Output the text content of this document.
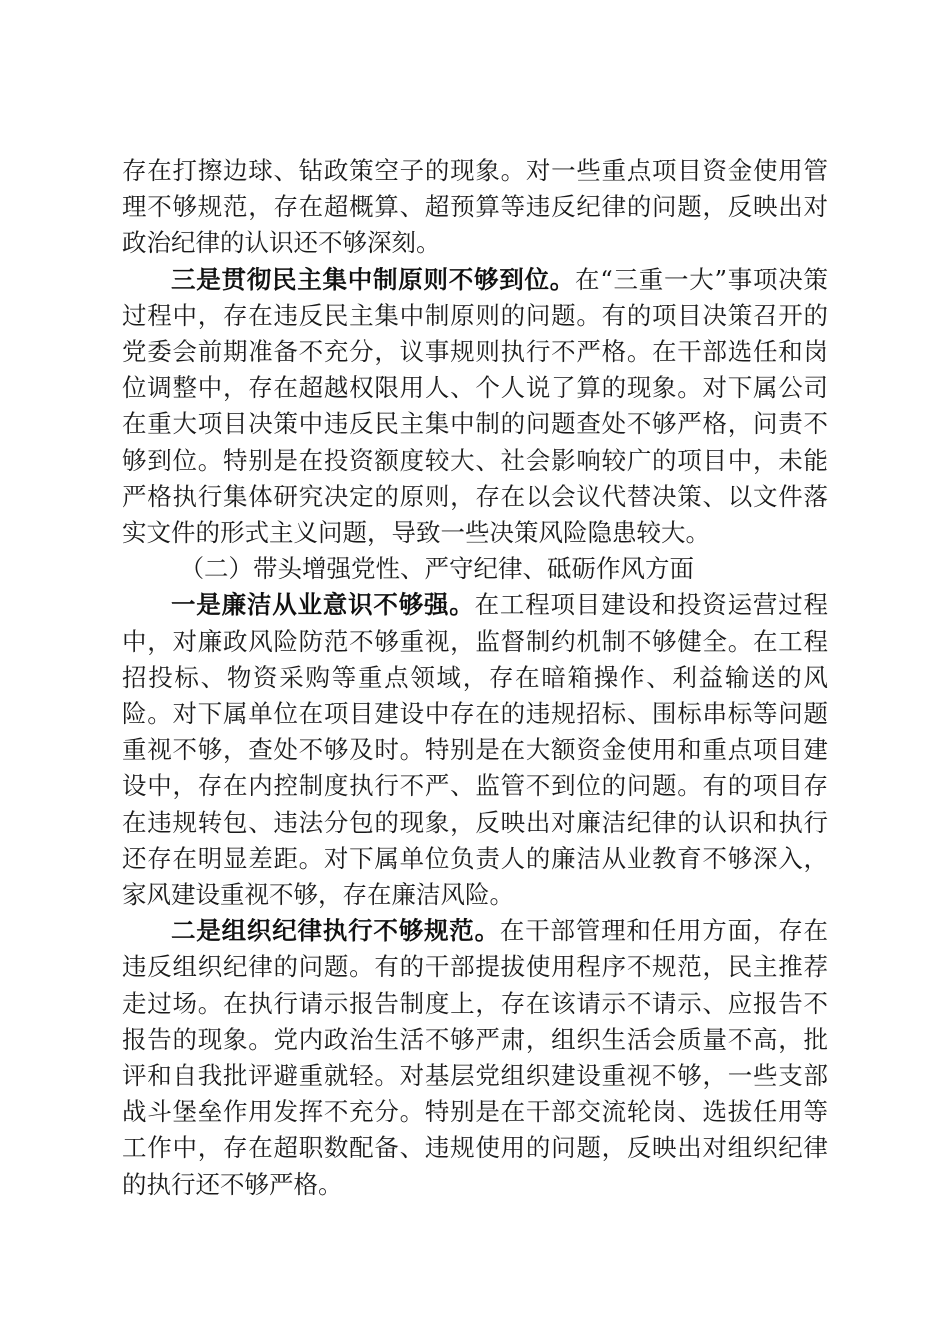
存在打擦边球、钻政策空子的现象。对一些重点项目资金使用管理不够规范，存在超概算、超预算等违反纪律的问题，反映出对政治纪律的认识还不够深刻。

三是贯彻民主集中制原则不够到位。在“三重一大”事项决策过程中，存在违反民主集中制原则的问题。有的项目决策召开的党委会前期准备不充分，议事规则执行不严格。在干部选任和岗位调整中，存在超越权限用人、个人说了算的现象。对下属公司在重大项目决策中违反民主集中制的问题查处不够严格，问责不够到位。特别是在投资额度较大、社会影响较广的项目中，未能严格执行集体研究决定的原则，存在以会议代替决策、以文件落实文件的形式主义问题，导致一些决策风险隐患较大。

（二）带头增强党性、严守纪律、砥砺作风方面

一是廉洁从业意识不够强。在工程项目建设和投资运营过程中，对廉政风险防范不够重视，监督制约机制不够健全。在工程招投标、物资采购等重点领域，存在暗箱操作、利益输送的风险。对下属单位在项目建设中存在的违规招标、围标串标等问题重视不够，查处不够及时。特别是在大额资金使用和重点项目建设中，存在内控制度执行不严、监管不到位的问题。有的项目存在违规转包、违法分包的现象，反映出对廉洁纪律的认识和执行还存在明显差距。对下属单位负责人的廉洁从业教育不够深入，家风建设重视不够，存在廉洁风险。

二是组织纪律执行不够规范。在干部管理和任用方面，存在违反组织纪律的问题。有的干部提拔使用程序不规范，民主推荐走过场。在执行请示报告制度上，存在该请示不请示、应报告不报告的现象。党内政治生活不够严肃，组织生活会质量不高，批评和自我批评避重就轻。对基层党组织建设重视不够，一些支部战斗堡垒作用发挥不充分。特别是在干部交流轮岗、选拔任用等工作中，存在超职数配备、违规使用的问题，反映出对组织纪律的执行还不够严格。
